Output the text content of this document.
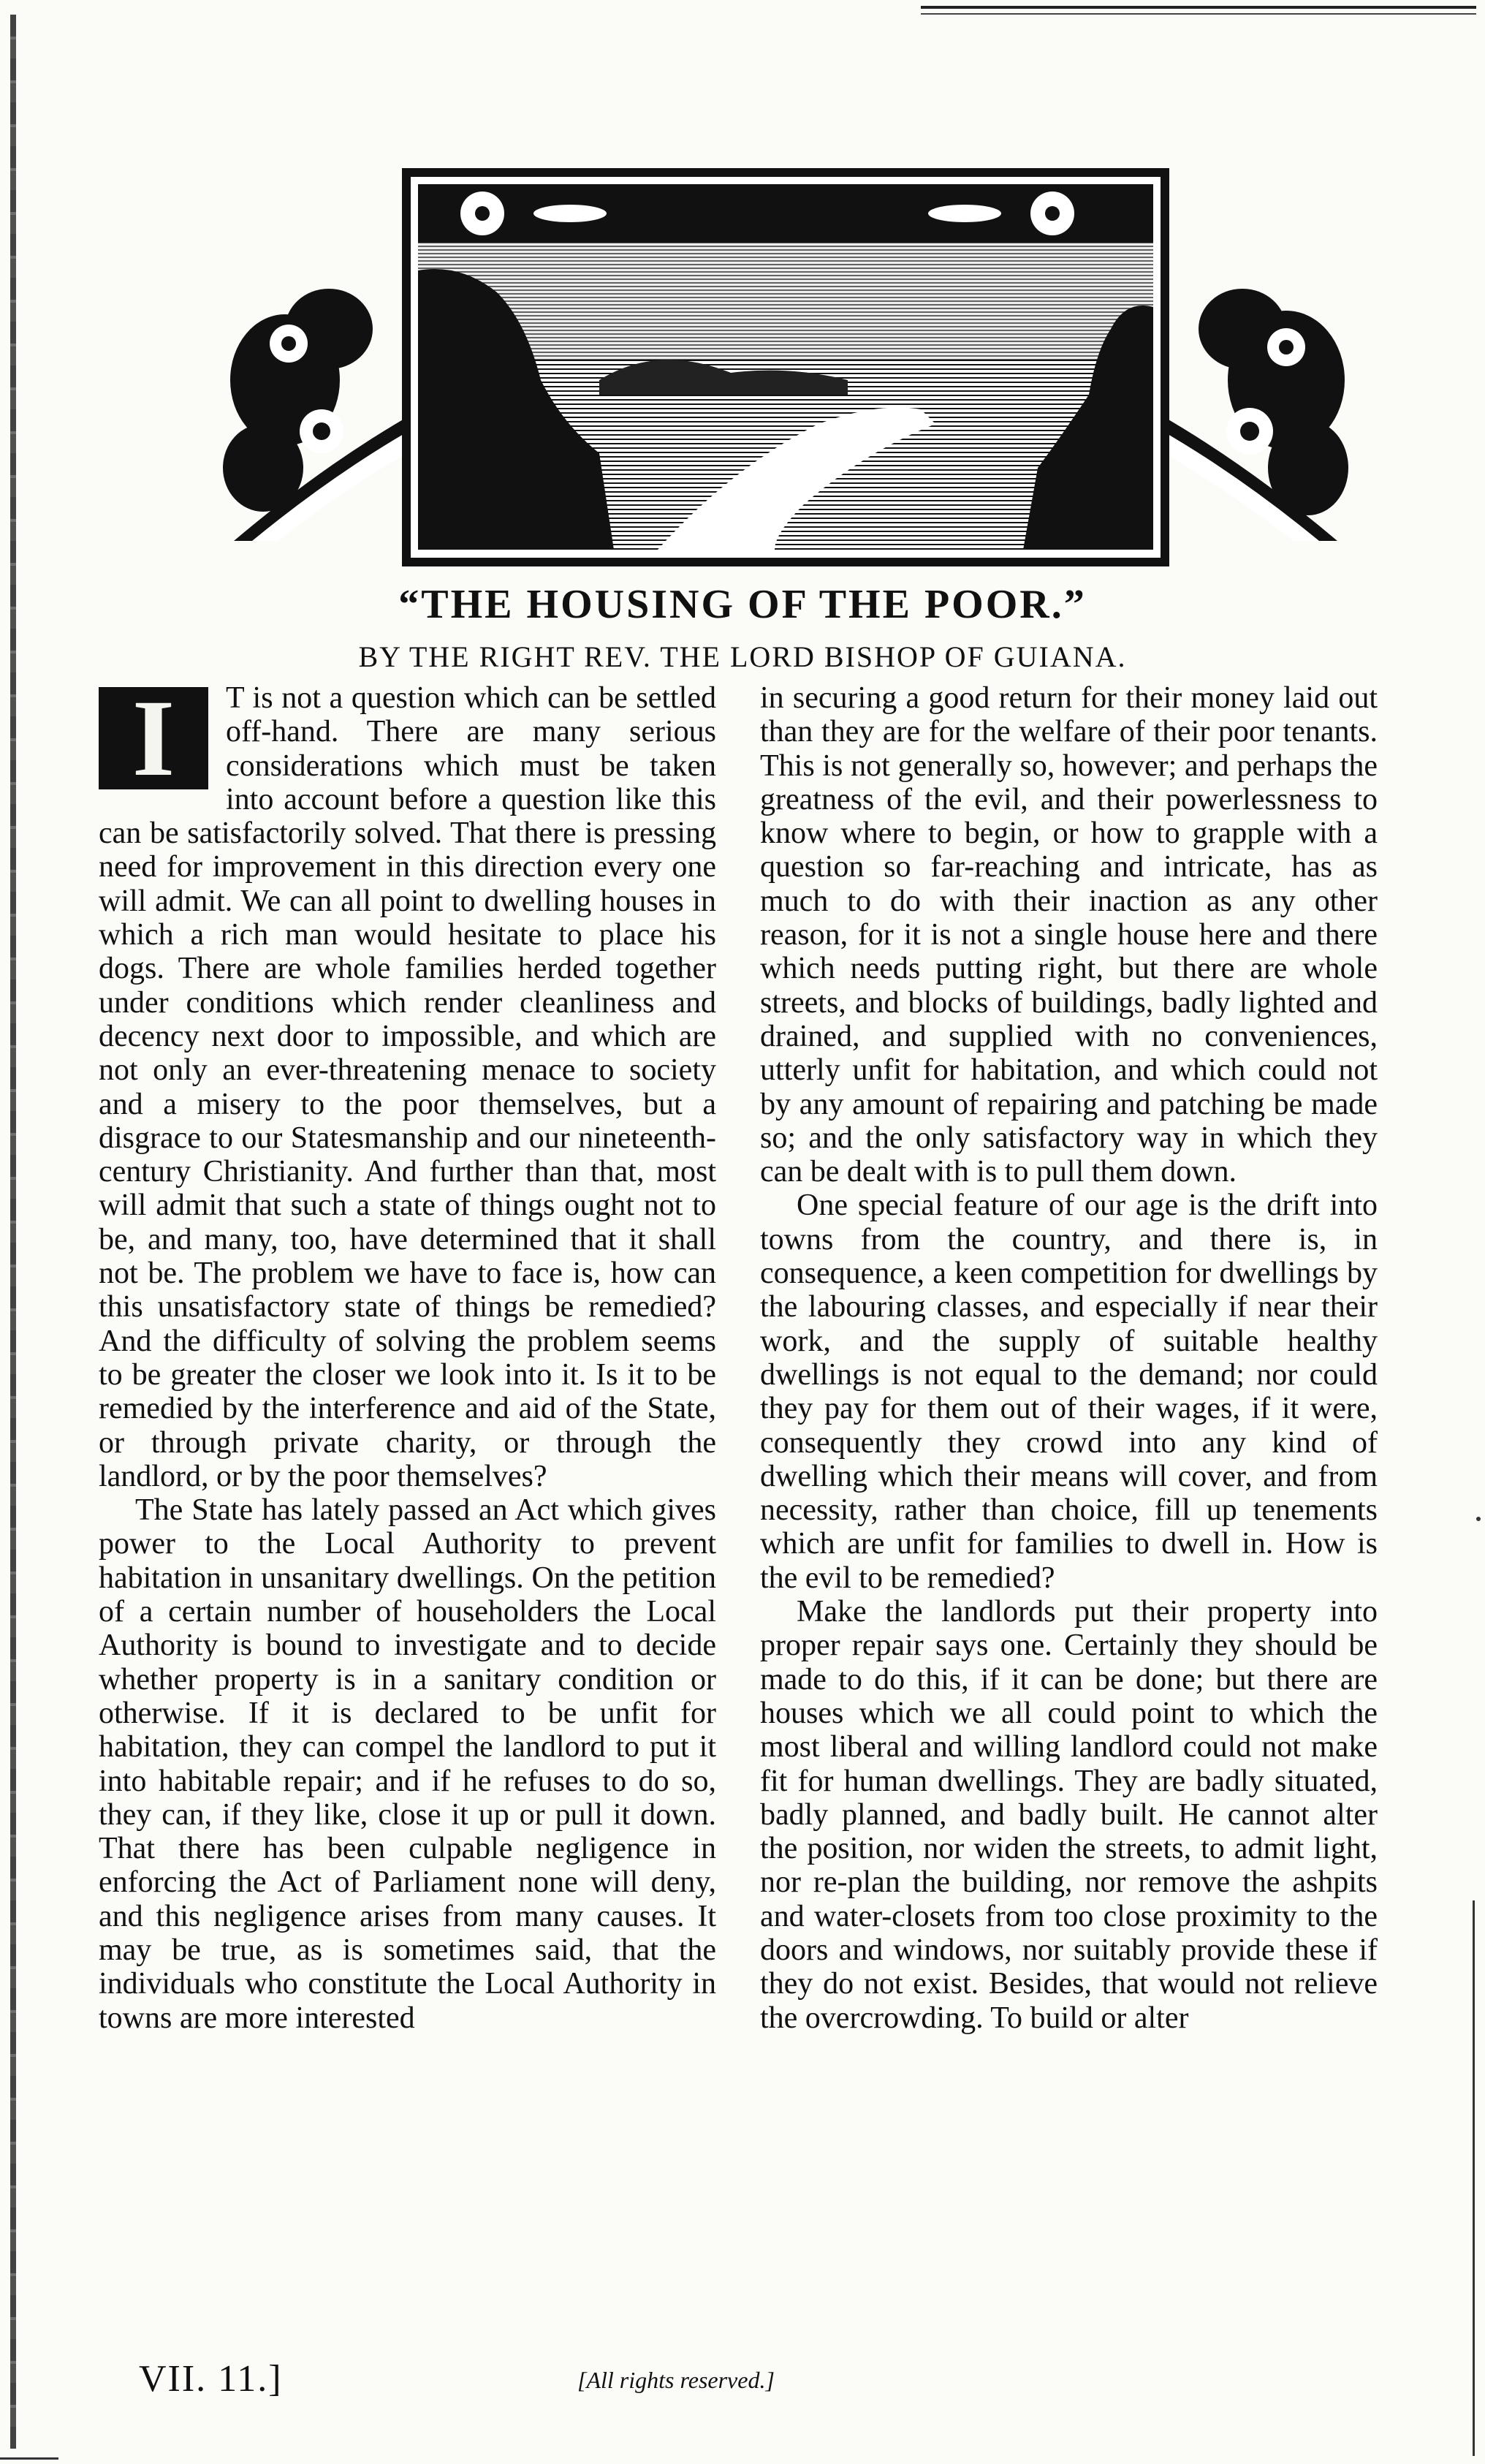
“THE HOUSING OF THE POOR.”
BY THE RIGHT REV. THE LORD BISHOP OF GUIANA.

I	T is not a question which can be settled off-hand. There are many serious considerations which must be taken into account before a question like this can be satisfactorily solved. That there is pressing need for improvement in this direction every one will admit. We can all point to dwelling houses in which a rich man would hesitate to place his dogs. There are whole families herded together under conditions which render cleanliness and decency next door to impossible, and which are not only an ever-threatening menace to society and a misery to the poor themselves, but a disgrace to our Statesmanship and our nineteenth-century Christianity. And further than that, most will admit that such a state of things ought not to be, and many, too, have determined that it shall not be. The problem we have to face is, how can this unsatisfactory state of things be remedied? And the difficulty of solving the problem seems to be greater the closer we look into it. Is it to be remedied by the interference and aid of the State, or through private charity, or through the landlord, or by the poor themselves?

The State has lately passed an Act which gives power to the Local Authority to prevent habitation in unsanitary dwellings. On the petition of a certain number of householders the Local Authority is bound to investigate and to decide whether property is in a sanitary condition or otherwise. If it is declared to be unfit for habitation, they can compel the landlord to put it into habitable repair; and if he refuses to do so, they can, if they like, close it up or pull it down. That there has been culpable negligence in enforcing the Act of Parliament none will deny, and this negligence arises from many causes. It may be true, as is sometimes said, that the individuals who constitute the Local Authority in towns are more interested

in securing a good return for their money laid out than they are for the welfare of their poor tenants. This is not generally so, however; and perhaps the greatness of the evil, and their powerlessness to know where to begin, or how to grapple with a question so far-reaching and intricate, has as much to do with their inaction as any other reason, for it is not a single house here and there which needs putting right, but there are whole streets, and blocks of buildings, badly lighted and drained, and supplied with no conveniences, utterly unfit for habitation, and which could not by any amount of repairing and patching be made so; and the only satisfactory way in which they can be dealt with is to pull them down.

One special feature of our age is the drift into towns from the country, and there is, in consequence, a keen competition for dwellings by the labouring classes, and especially if near their work, and the supply of suitable healthy dwellings is not equal to the demand; nor could they pay for them out of their wages, if it were, consequently they crowd into any kind of dwelling which their means will cover, and from necessity, rather than choice, fill up tenements which are unfit for families to dwell in. How is the evil to be remedied?

Make the landlords put their property into proper repair says one. Certainly they should be made to do this, if it can be done; but there are houses which we all could point to which the most liberal and willing landlord could not make fit for human dwellings. They are badly situated, badly planned, and badly built. He cannot alter the position, nor widen the streets, to admit light, nor re-plan the building, nor remove the ashpits and water-closets from too close proximity to the doors and windows, nor suitably provide these if they do not exist. Besides, that would not relieve the overcrowding. To build or alter

VII. 11.]	[All rights reserved.]
